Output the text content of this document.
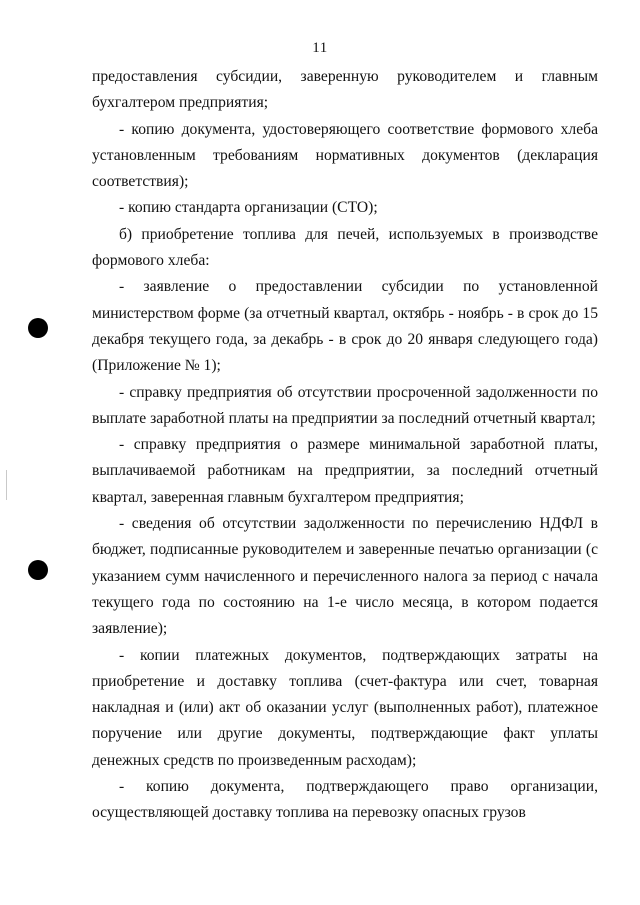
11

предоставления субсидии, заверенную руководителем и главным бухгалтером предприятия;

- копию документа, удостоверяющего соответствие формового хлеба установленным требованиям нормативных документов (декларация соответствия);

- копию стандарта организации (СТО);

б) приобретение топлива для печей, используемых в производстве формового хлеба:

- заявление о предоставлении субсидии по установленной министерством форме (за отчетный квартал, октябрь - ноябрь - в срок до 15 декабря текущего года, за декабрь - в срок до 20 января следующего года) (Приложение № 1);

- справку предприятия об отсутствии просроченной задолженности по выплате заработной платы на предприятии за последний отчетный квартал;

- справку предприятия о размере минимальной заработной платы, выплачиваемой работникам на предприятии, за последний отчетный квартал, заверенная главным бухгалтером предприятия;

- сведения об отсутствии задолженности по перечислению НДФЛ в бюджет, подписанные руководителем и заверенные печатью организации (с указанием сумм начисленного и перечисленного налога за период с начала текущего года по состоянию на 1-е число месяца, в котором подается заявление);

- копии платежных документов, подтверждающих затраты на приобретение и доставку топлива (счет-фактура или счет, товарная накладная и (или) акт об оказании услуг (выполненных работ), платежное поручение или другие документы, подтверждающие факт уплаты денежных средств по произведенным расходам);

- копию документа, подтверждающего право организации, осуществляющей доставку топлива на перевозку опасных грузов
